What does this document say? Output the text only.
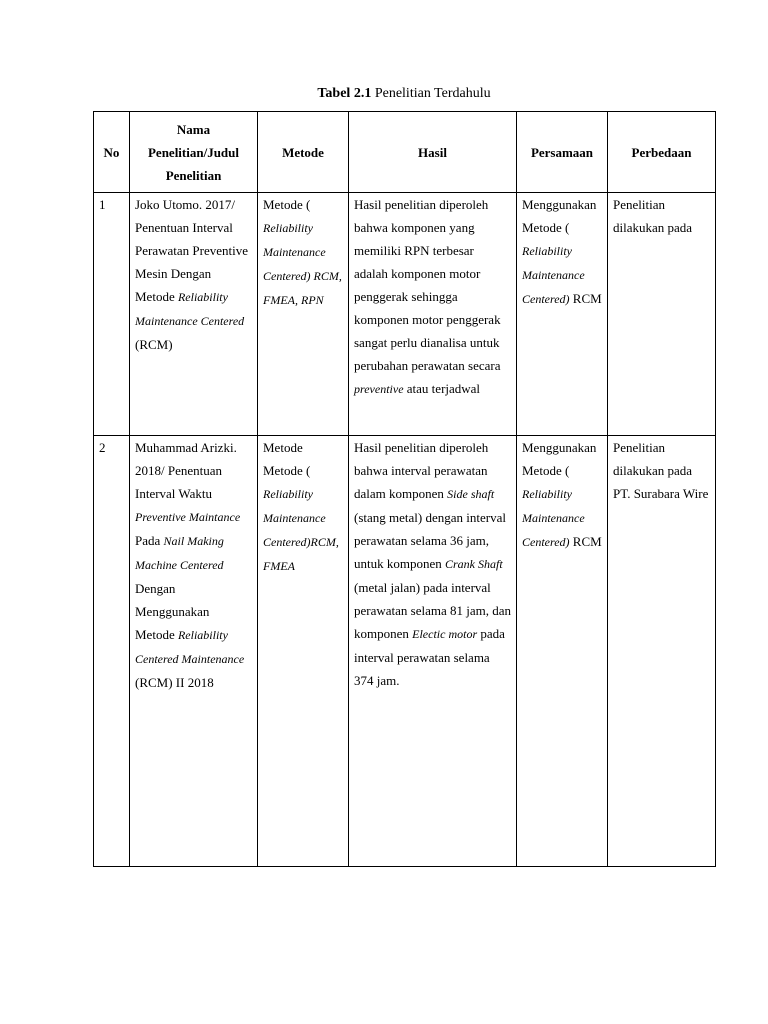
Tabel 2.1 Penelitian Terdahulu
No	Nama Penelitian/Judul Penelitian	Metode	Hasil	Persamaan	Perbedaan
1	Joko Utomo. 2017/ Penentuan Interval Perawatan Preventive Mesin Dengan Metode Reliability Maintenance Centered (RCM)	Metode ( Reliability Maintenance Centered) RCM, FMEA, RPN	Hasil penelitian diperoleh bahwa komponen yang memiliki RPN terbesar adalah komponen motor penggerak sehingga komponen motor penggerak sangat perlu dianalisa untuk perubahan perawatan secara preventive atau terjadwal	Menggunakan Metode ( Reliability Maintenance Centered) RCM	Penelitian dilakukan pada
2	Muhammad Arizki. 2018/ Penentuan Interval Waktu Preventive Maintance Pada Nail Making Machine Centered Dengan Menggunakan Metode Reliability Centered Maintenance (RCM) II 2018	Metode Metode ( Reliability Maintenance Centered)RCM, FMEA	Hasil penelitian diperoleh bahwa interval perawatan dalam komponen Side shaft (stang metal) dengan interval perawatan selama 36 jam, untuk komponen Crank Shaft (metal jalan) pada interval perawatan selama 81 jam, dan komponen Electic motor pada interval perawatan selama 374 jam.	Menggunakan Metode ( Reliability Maintenance Centered) RCM	Penelitian dilakukan pada PT. Surabara Wire
